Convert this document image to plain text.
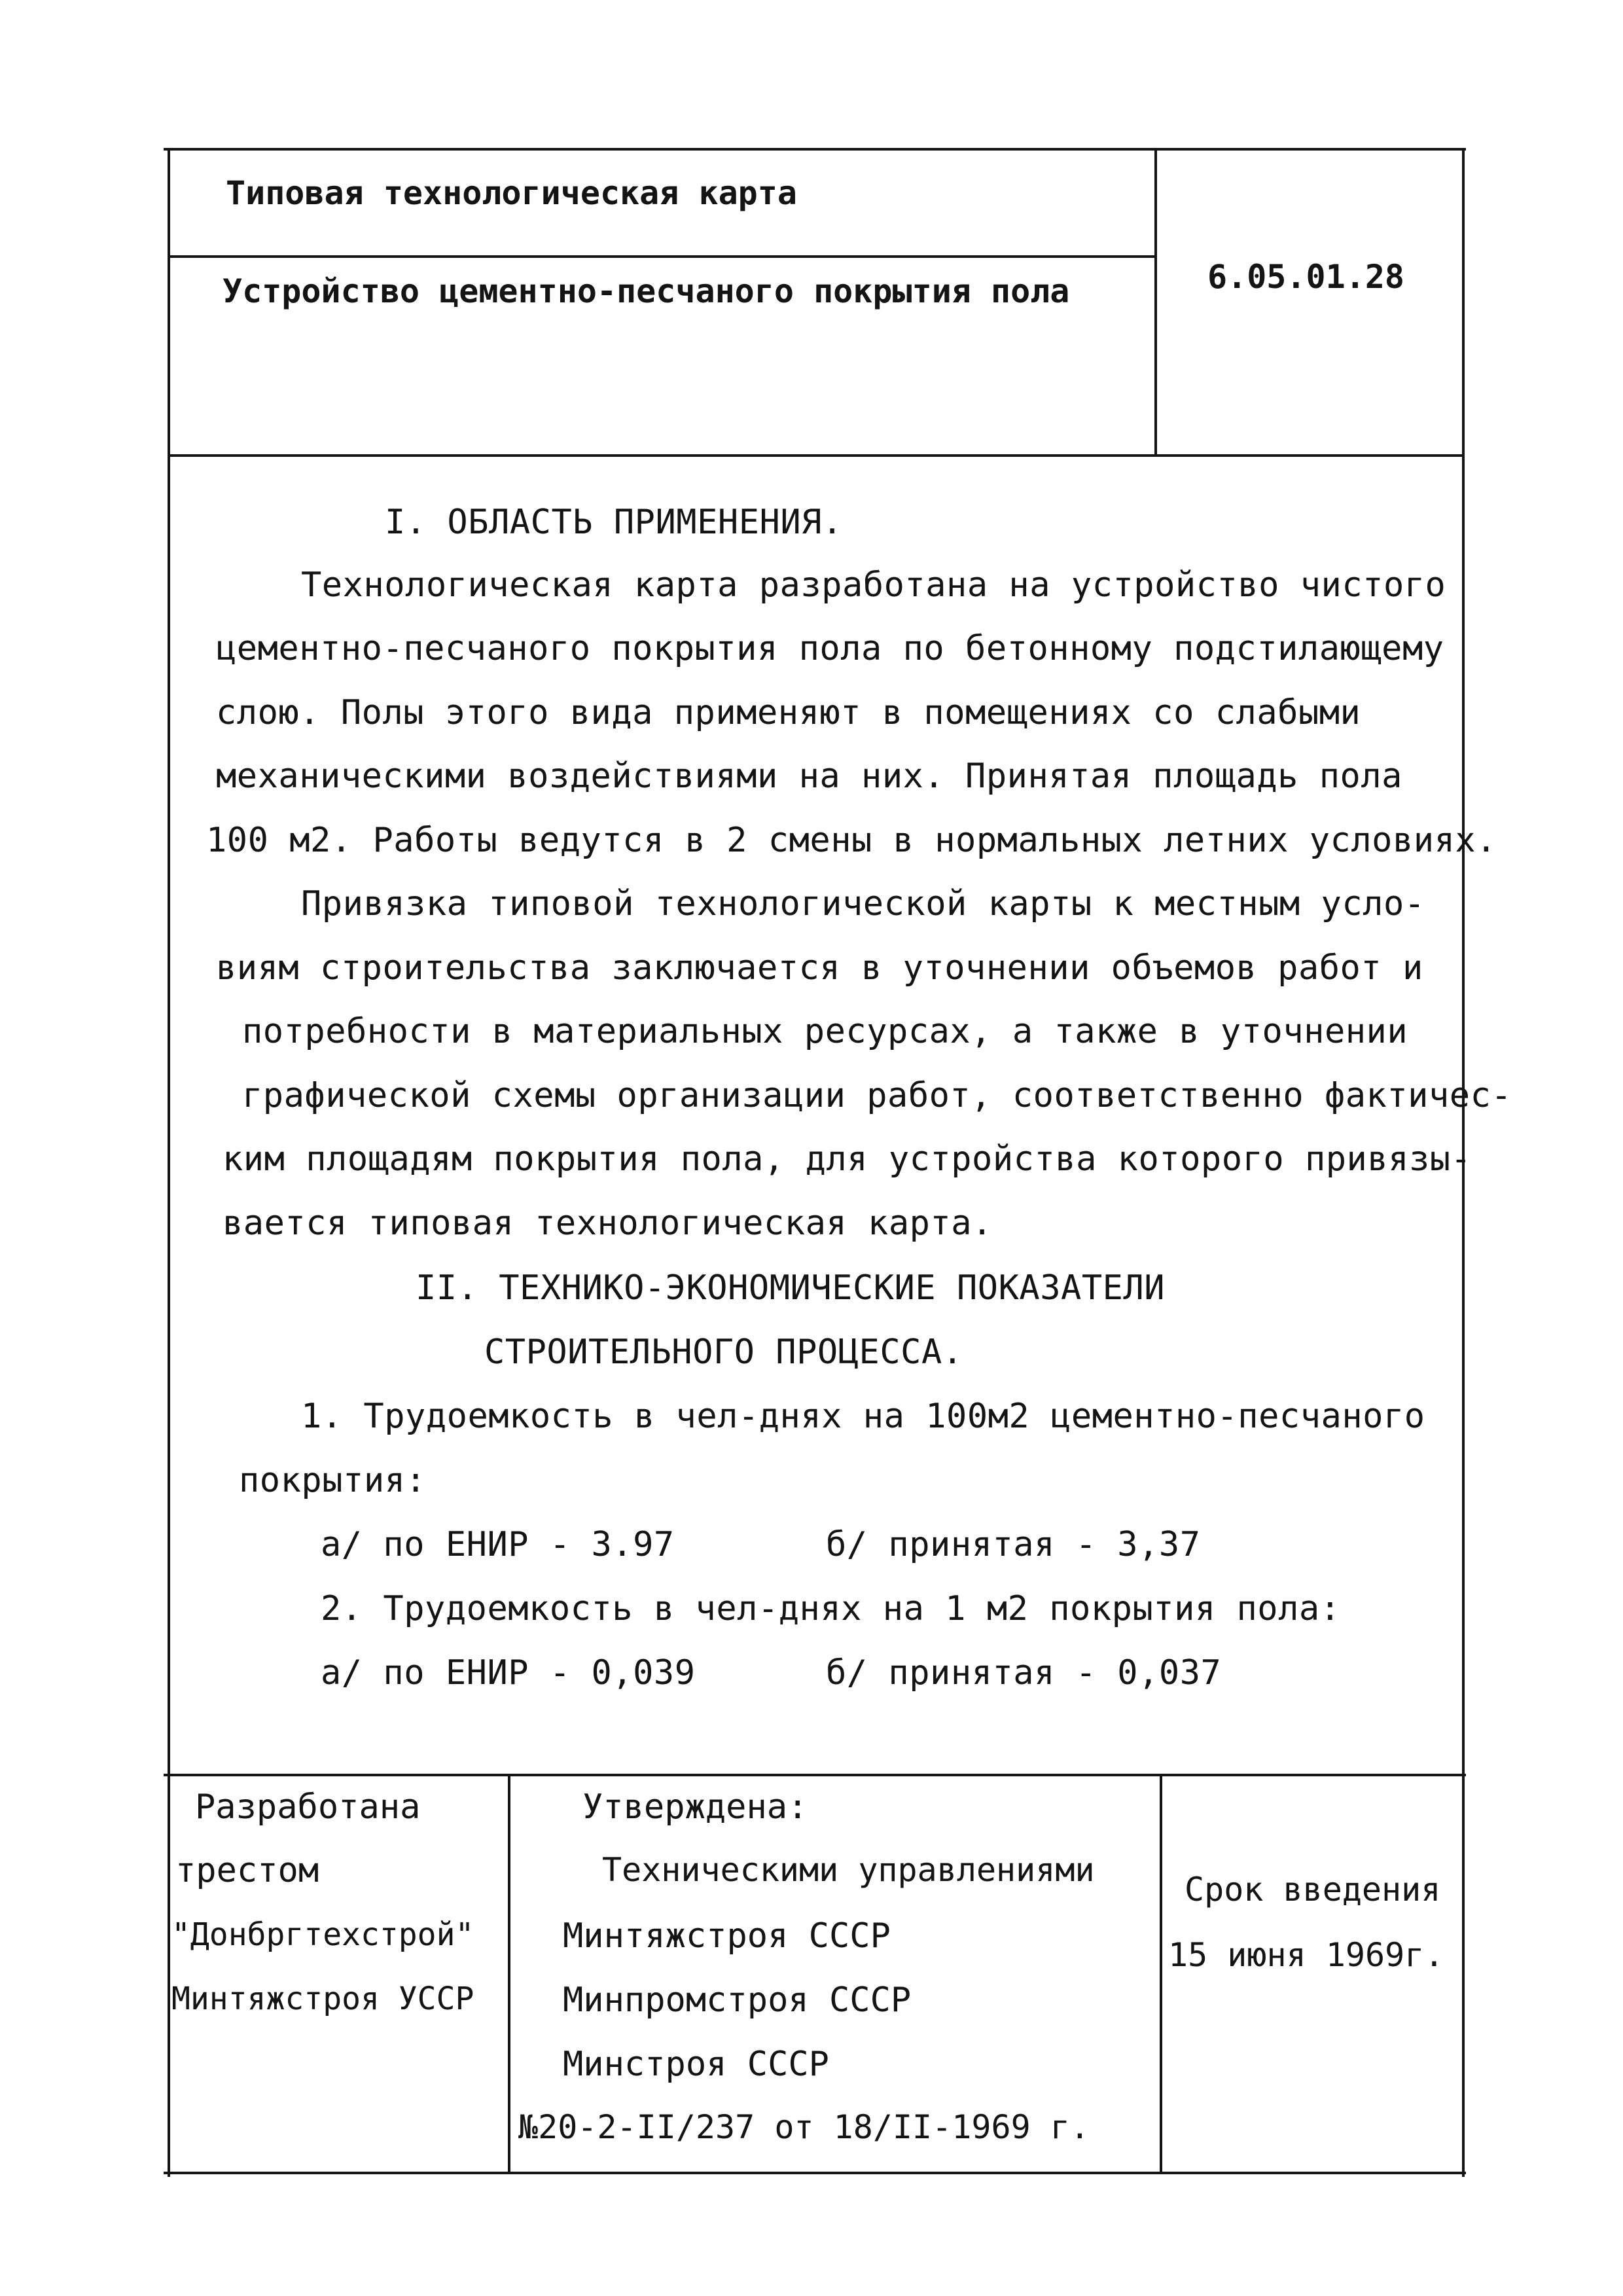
Типовая технологическая карта
Устройство цементно-песчаного покрытия пола	6.05.01.28
I. ОБЛАСТЬ ПРИМЕНЕНИЯ.
Технологическая карта разработана на устройство чистого
цементно-песчаного покрытия пола по бетонному подстилающему
слою. Полы этого вида применяют в помещениях со слабыми
механическими воздействиями на них. Принятая площадь пола
100 м2. Работы ведутся в 2 смены в нормальных летних условиях.
Привязка типовой технологической карты к местным усло-
виям строительства заключается в уточнении объемов работ и
потребности в материальных ресурсах, а также в уточнении
графической схемы организации работ, соответственно фактичес-
ким площадям покрытия пола, для устройства которого привязы-
вается типовая технологическая карта.
II. ТЕХНИКО-ЭКОНОМИЧЕСКИЕ ПОКАЗАТЕЛИ
СТРОИТЕЛЬНОГО ПРОЦЕССА.
1. Трудоемкость в чел-днях на 100м2 цементно-песчаного
покрытия:
а/ по ЕНИР - 3.97	б/ принятая - 3,37
2. Трудоемкость в чел-днях на 1 м2 покрытия пола:
а/ по ЕНИР - 0,039	б/ принятая - 0,037
Разработана
трестом
"Донбргтехстрой"
Минтяжстроя УССР
Утверждена:
Техническими управлениями
Минтяжстроя СССР
Минпромстроя СССР
Минстроя СССР
№20-2-II/237 от 18/II-1969 г.
Срок введения
15 июня 1969г.
